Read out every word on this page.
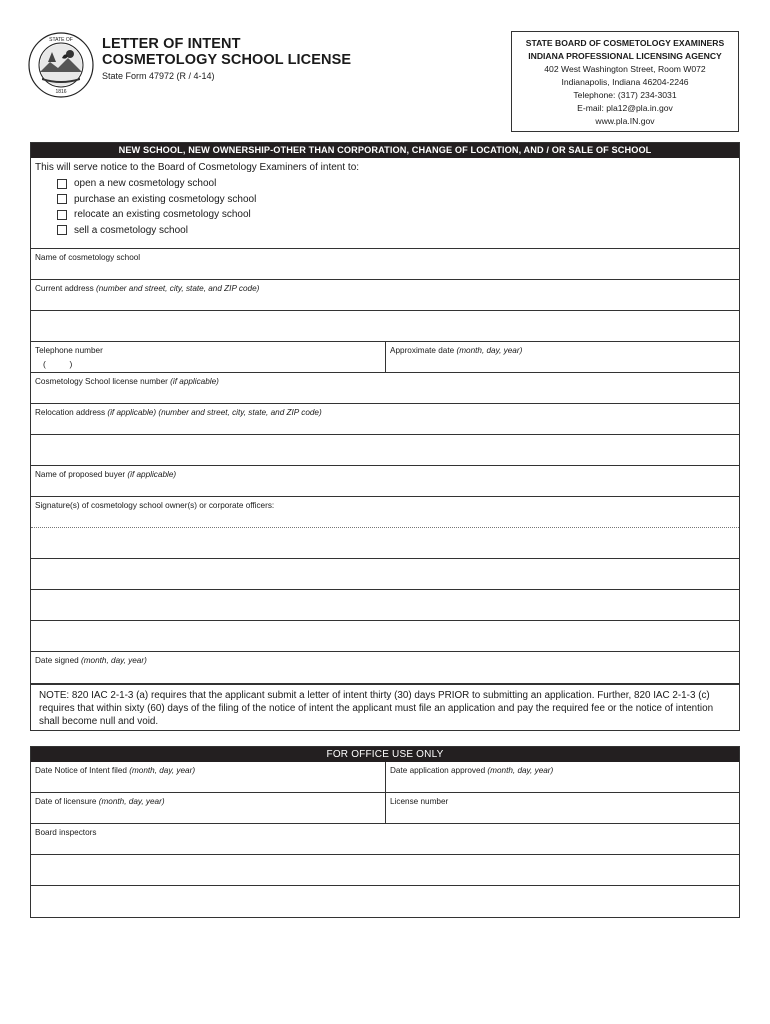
STATE OF
1816
LETTER OF INTENT
COSMETOLOGY SCHOOL LICENSE
State Form 47972 (R / 4-14)
STATE BOARD OF COSMETOLOGY EXAMINERS
INDIANA PROFESSIONAL LICENSING AGENCY
402 West Washington Street, Room W072
Indianapolis, Indiana 46204-2246
Telephone: (317) 234-3031
E-mail: pla12@pla.in.gov
www.pla.IN.gov
NEW SCHOOL, NEW OWNERSHIP-OTHER THAN CORPORATION, CHANGE OF LOCATION, AND / OR SALE OF SCHOOL
This will serve notice to the Board of Cosmetology Examiners of intent to:
open a new cosmetology school
purchase an existing cosmetology school
relocate an existing cosmetology school
sell a cosmetology school
Name of cosmetology school
Current address (number and street, city, state, and ZIP code)
Telephone number
(          )
Approximate date (month, day, year)
Cosmetology School license number (if applicable)
Relocation address (if applicable) (number and street, city, state, and ZIP code)
Name of proposed buyer (if applicable)
Signature(s) of cosmetology school owner(s) or corporate officers:
Date signed (month, day, year)
NOTE: 820 IAC 2-1-3 (a) requires that the applicant submit a letter of intent thirty (30) days PRIOR to submitting an application. Further, 820 IAC 2-1-3 (c) requires that within sixty (60) days of the filing of the notice of intent the applicant must file an application and pay the required fee or the notice of intention shall become null and void.
FOR OFFICE USE ONLY
Date Notice of Intent filed (month, day, year)	Date application approved (month, day, year)
Date of licensure (month, day, year)	License number
Board inspectors
